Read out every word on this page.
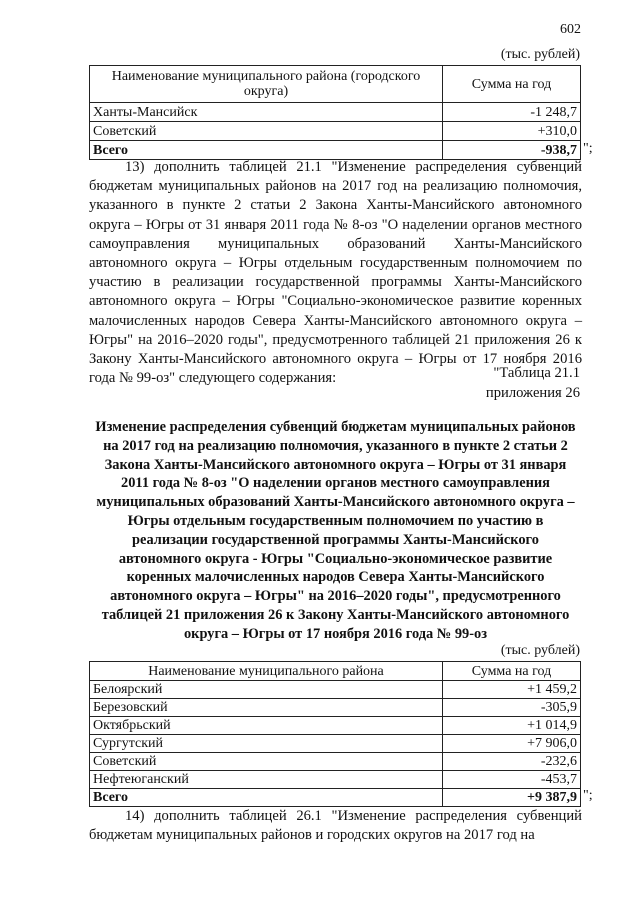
602
(тыс. рублей)
Наименование муниципального района (городского округа)	Сумма на год
Ханты-Мансийск	-1 248,7
Советский	+310,0
Всего	-938,7 ";
13) дополнить таблицей 21.1 "Изменение распределения субвенций бюджетам муниципальных районов на 2017 год на реализацию полномочия, указанного в пункте 2 статьи 2 Закона Ханты-Мансийского автономного округа – Югры от 31 января 2011 года № 8-оз "О наделении органов местного самоуправления муниципальных образований Ханты-Мансийского автономного округа – Югры отдельным государственным полномочием по участию в реализации государственной программы Ханты-Мансийского автономного округа – Югры "Социально-экономическое развитие коренных малочисленных народов Севера Ханты-Мансийского автономного округа – Югры" на 2016–2020 годы", предусмотренного таблицей 21 приложения 26 к Закону Ханты-Мансийского автономного округа – Югры от 17 ноября 2016 года № 99-оз" следующего содержания:	"Таблица 21.1
приложения 26
Изменение распределения субвенций бюджетам муниципальных районов на 2017 год на реализацию полномочия, указанного в пункте 2 статьи 2 Закона Ханты-Мансийского автономного округа – Югры от 31 января 2011 года № 8-оз "О наделении органов местного самоуправления муниципальных образований Ханты-Мансийского автономного округа – Югры отдельным государственным полномочием по участию в реализации государственной программы Ханты-Мансийского автономного округа - Югры "Социально-экономическое развитие коренных малочисленных народов Севера Ханты-Мансийского автономного округа – Югры" на 2016–2020 годы", предусмотренного таблицей 21 приложения 26 к Закону Ханты-Мансийского автономного округа – Югры от 17 ноября 2016 года № 99-оз
(тыс. рублей)
Наименование муниципального района	Сумма на год
Белоярский	+1 459,2
Березовский	-305,9
Октябрьский	+1 014,9
Сургутский	+7 906,0
Советский	-232,6
Нефтеюганский	-453,7
Всего	+9 387,9 ";
14) дополнить таблицей 26.1 "Изменение распределения субвенций бюджетам муниципальных районов и городских округов на 2017 год на
